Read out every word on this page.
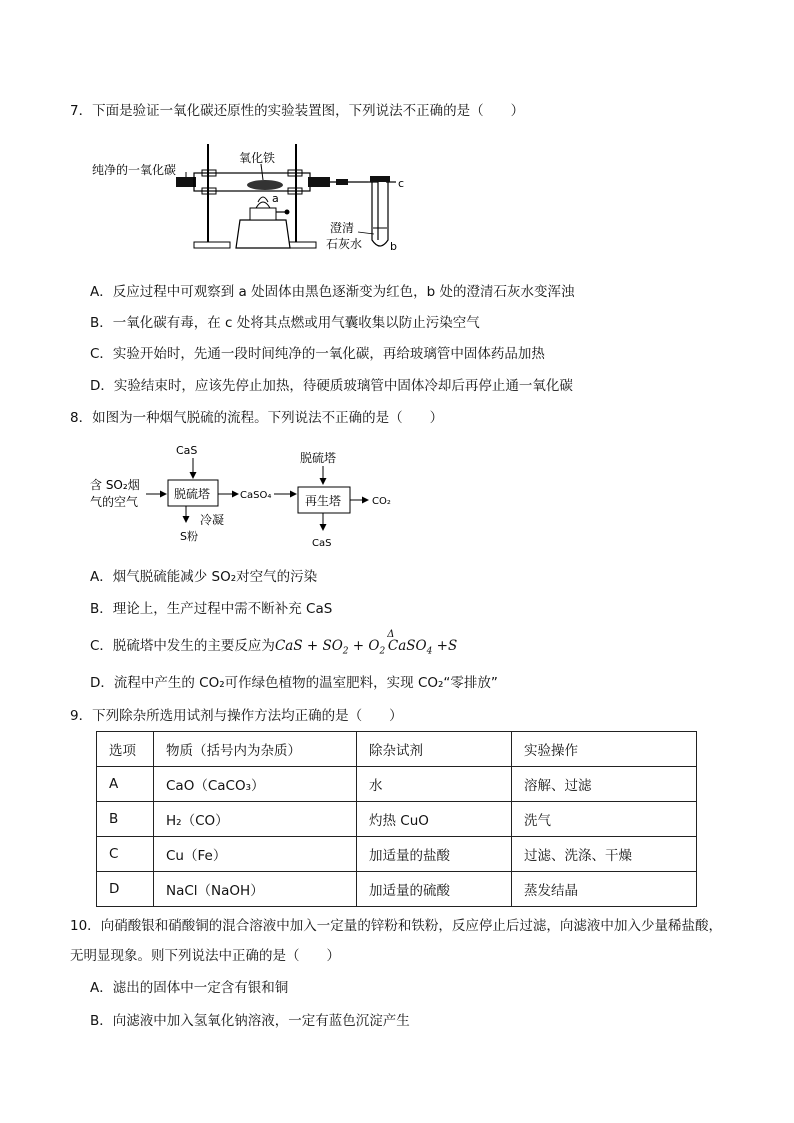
7．下面是验证一氧化碳还原性的实验装置图，下列说法不正确的是（　　）
纯净的一氧化碳
氧化铁
a
c
澄清
石灰水	b
A．反应过程中可观察到 a 处固体由黑色逐渐变为红色，b 处的澄清石灰水变浑浊
B．一氧化碳有毒，在 c 处将其点燃或用气囊收集以防止污染空气
C．实验开始时，先通一段时间纯净的一氧化碳，再给玻璃管中固体药品加热
D．实验结束时，应该先停止加热，待硬质玻璃管中固体冷却后再停止通一氧化碳
8．如图为一种烟气脱硫的流程。下列说法不正确的是（　　）
含 SO₂烟
气的空气
CaS
脱硫塔	CaSO₄
脱硫塔
再生塔	CO₂
冷凝
S粉
CaS
A．烟气脱硫能减少 SO₂对空气的污染
B．理论上，生产过程中需不断补充 CaS
C．脱硫塔中发生的主要反应为CaS + $SO_2 + O_2$
Δ
  CaSO$_4$ +S
D．流程中产生的 CO₂可作绿色植物的温室肥料，实现 CO₂“零排放”
9．下列除杂所选用试剂与操作方法均正确的是（　　）
选项	物质（括号内为杂质）	除杂试剂	实验操作
A	CaO（CaCO₃）	水	溶解、过滤
B	H₂（CO）	灼热 CuO	洗气
C	Cu（Fe）	加适量的盐酸	过滤、洗涤、干燥
D	NaCl（NaOH）	加适量的硫酸	蒸发结晶
10．向硝酸银和硝酸铜的混合溶液中加入一定量的锌粉和铁粉，反应停止后过滤，向滤液中加入少量稀盐酸，无明显现象。则下列说法中正确的是（　　）
A．滤出的固体中一定含有银和铜
B．向滤液中加入氢氧化钠溶液，一定有蓝色沉淀产生
